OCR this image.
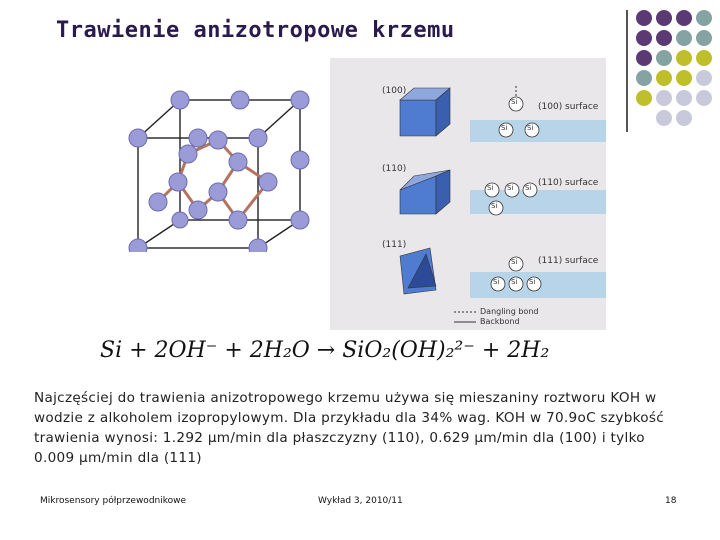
Trawienie anizotropowe krzemu
(100)
(100) surface
(110)
(110) surface
(111)
(111) surface
Si
Si	Si
Si Si Si
Si
Si
Si Si Si
Dangling bond
Backbond
Si + 2OH⁻ + 2H₂O → SiO₂(OH)₂²⁻ + 2H₂
Najczęściej do trawienia anizotropowego krzemu używa się mieszaniny roztworu KOH w wodzie z alkoholem izopropylowym. Dla przykładu dla 34% wag. KOH w 70.9oC szybkość trawienia wynosi: 1.292 µm/min dla płaszczyzny (110), 0.629 µm/min dla (100) i tylko 0.009 µm/min dla (111)
Mikrosensory półprzewodnikowe	Wykład 3, 2010/11	18
